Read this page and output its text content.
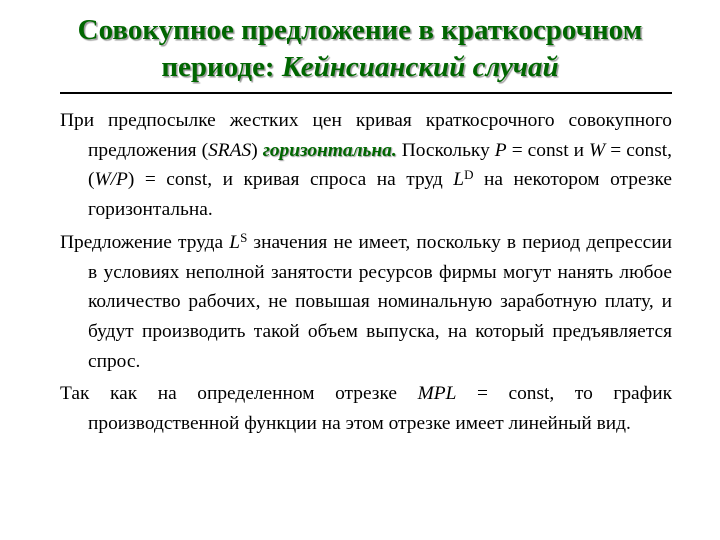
Совокупное предложение в краткосрочном
периоде: Кейнсианский случай

При предпосылке жестких цен кривая краткосрочного совокупного предложения (SRAS) горизонтальна. Поскольку P = const и W = const, (W/P) = const, и кривая спроса на труд $L^D$ на некотором отрезке горизонтальна.

Предложение труда $L^S$ значения не имеет, поскольку в период депрессии в условиях неполной занятости ресурсов фирмы могут нанять любое количество рабочих, не повышая номинальную заработную плату, и будут производить такой объем выпуска, на который предъявляется спрос.

Так как на определенном отрезке MPL = const, то график производственной функции на этом отрезке имеет линейный вид.
